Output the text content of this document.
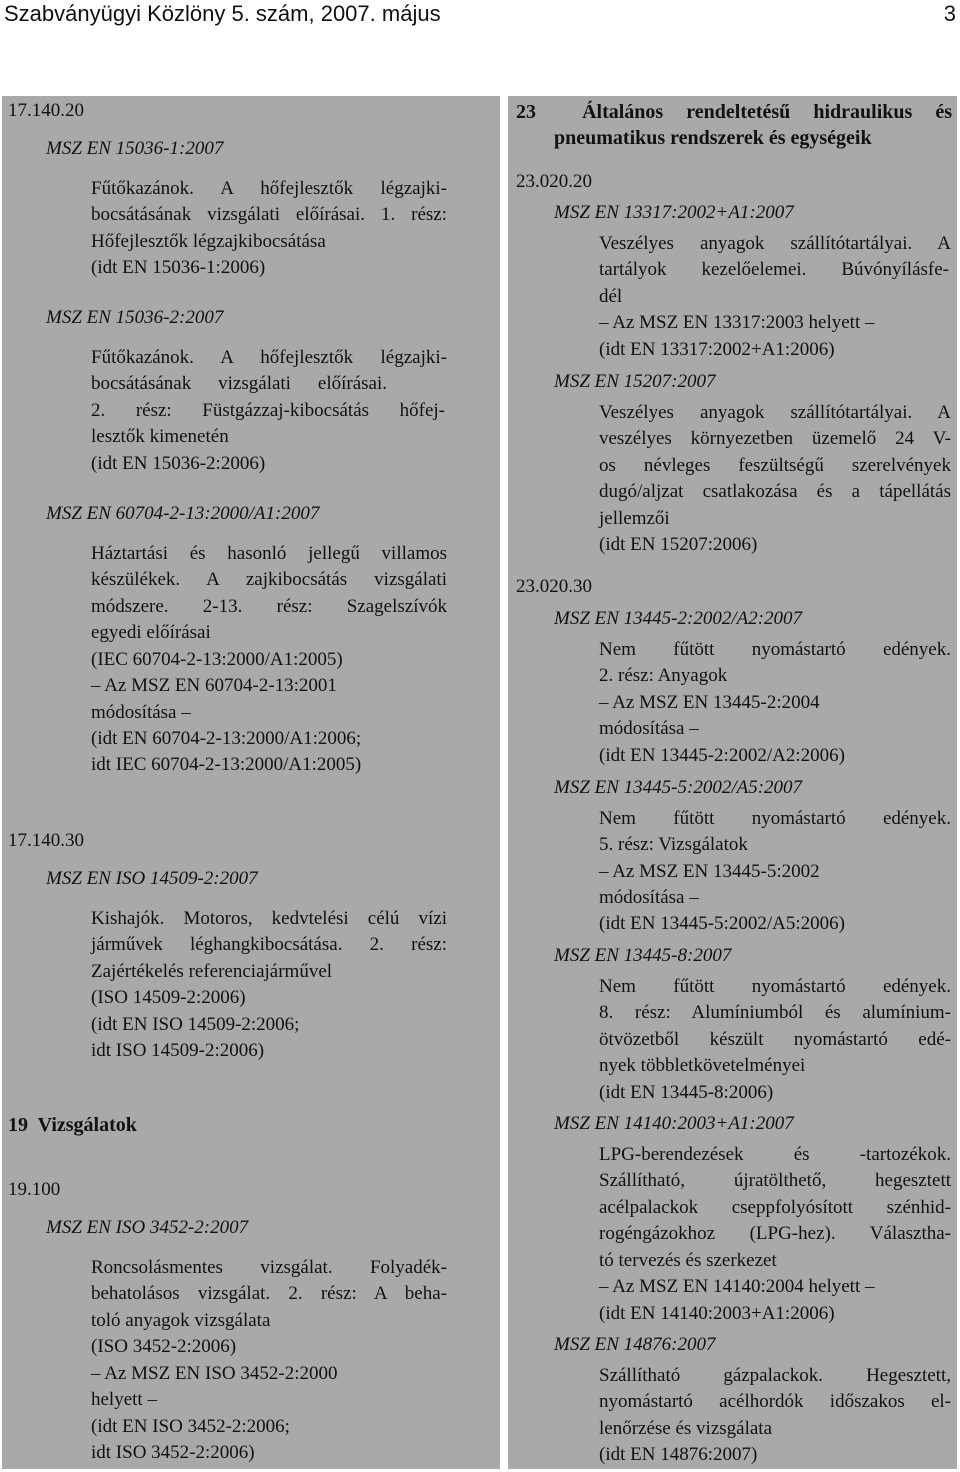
Szabványügyi Közlöny 5. szám, 2007. május	3
17.140.20
MSZ EN 15036-1:2007
Fűtőkazánok. A hőfejlesztők légzajki-
bocsátásának vizsgálati előírásai. 1. rész:
Hőfejlesztők légzajkibocsátása
(idt EN 15036-1:2006)
MSZ EN 15036-2:2007
Fűtőkazánok. A hőfejlesztők légzajki-
bocsátásának vizsgálati előírásai.
2. rész: Füstgázzaj-kibocsátás hőfej-
lesztők kimenetén
(idt EN 15036-2:2006)
MSZ EN 60704-2-13:2000/A1:2007
Háztartási és hasonló jellegű villamos
készülékek. A zajkibocsátás vizsgálati
módszere. 2-13. rész: Szagelszívók
egyedi előírásai
(IEC 60704-2-13:2000/A1:2005)
– Az MSZ EN 60704-2-13:2001
módosítása –
(idt EN 60704-2-13:2000/A1:2006;
idt IEC 60704-2-13:2000/A1:2005)
17.140.30
MSZ EN ISO 14509-2:2007
Kishajók. Motoros, kedvtelési célú vízi
járművek léghangkibocsátása. 2. rész:
Zajértékelés referenciajárművel
(ISO 14509-2:2006)
(idt EN ISO 14509-2:2006;
idt ISO 14509-2:2006)
19  Vizsgálatok
19.100
MSZ EN ISO 3452-2:2007
Roncsolásmentes vizsgálat. Folyadék-
behatolásos vizsgálat. 2. rész: A beha-
toló anyagok vizsgálata
(ISO 3452-2:2006)
– Az MSZ EN ISO 3452-2:2000
helyett –
(idt EN ISO 3452-2:2006;
idt ISO 3452-2:2006)
23  Általános rendeltetésű hidraulikus és
pneumatikus rendszerek és egységeik
23.020.20
MSZ EN 13317:2002+A1:2007
Veszélyes anyagok szállítótartályai. A
tartályok kezelőelemei. Búvónyílásfe-
dél
– Az MSZ EN 13317:2003 helyett –
(idt EN 13317:2002+A1:2006)
MSZ EN 15207:2007
Veszélyes anyagok szállítótartályai. A
veszélyes környezetben üzemelő 24 V-
os névleges feszültségű szerelvények
dugó/aljzat csatlakozása és a tápellátás
jellemzői
(idt EN 15207:2006)
23.020.30
MSZ EN 13445-2:2002/A2:2007
Nem fűtött nyomástartó edények.
2. rész: Anyagok
– Az MSZ EN 13445-2:2004
módosítása –
(idt EN 13445-2:2002/A2:2006)
MSZ EN 13445-5:2002/A5:2007
Nem fűtött nyomástartó edények.
5. rész: Vizsgálatok
– Az MSZ EN 13445-5:2002
módosítása –
(idt EN 13445-5:2002/A5:2006)
MSZ EN 13445-8:2007
Nem fűtött nyomástartó edények.
8. rész: Alumíniumból és alumínium-
ötvözetből készült nyomástartó edé-
nyek többletkövetelményei
(idt EN 13445-8:2006)
MSZ EN 14140:2003+A1:2007
LPG-berendezések és -tartozékok.
Szállítható, újratölthető, hegesztett
acélpalackok cseppfolyósított szénhid-
rogéngázokhoz (LPG-hez). Választha-
tó tervezés és szerkezet
– Az MSZ EN 14140:2004 helyett –
(idt EN 14140:2003+A1:2006)
MSZ EN 14876:2007
Szállítható gázpalackok. Hegesztett,
nyomástartó acélhordók időszakos el-
lenőrzése és vizsgálata
(idt EN 14876:2007)
